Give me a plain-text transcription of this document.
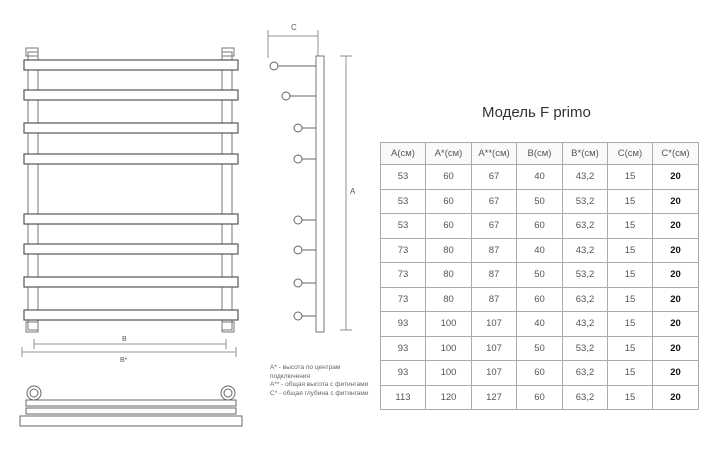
B
B*
C
A
A* - высота по центрам подключения
A** - общая высота с фитингами
C* - общая глубина с фитингами
Модель F primo
A(см)	A*(см)	A**(см)	B(см)	B*(см)	C(см)	C*(см)
53	60	67	40	43,2	15	20
53	60	67	50	53,2	15	20
53	60	67	60	63,2	15	20
73	80	87	40	43,2	15	20
73	80	87	50	53,2	15	20
73	80	87	60	63,2	15	20
93	100	107	40	43,2	15	20
93	100	107	50	53,2	15	20
93	100	107	60	63,2	15	20
113	120	127	60	63,2	15	20
